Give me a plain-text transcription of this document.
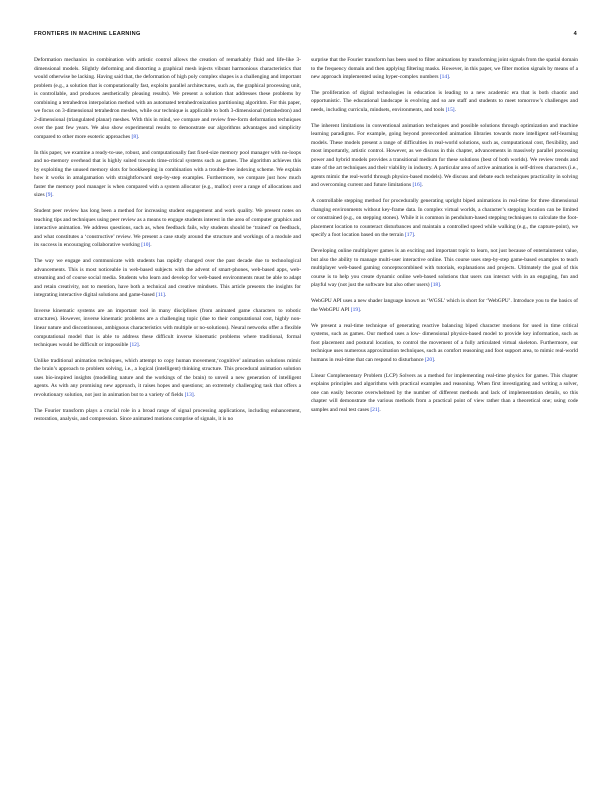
FRONTIERS IN MACHINE LEARNING	4

Deformation mechanics in combination with artistic control allows the creation of remarkably fluid and life-like 3-dimensional models. Slightly deforming and distorting a graphical mesh injects vibrant harmonious characteristics that would otherwise be lacking. Having said that, the deformation of high poly complex shapes is a challenging and important problem (e.g., a solution that is computationally fast, exploits parallel architectures, such as, the graphical processing unit, is controllable, and produces aesthetically pleasing results). We present a solution that addresses these problems by combining a tetrahedron interpolation method with an automated tetrahedronization partitioning algorithm. For this paper, we focus on 3-dimensional tetrahedron meshes, while our technique is applicable to both 3-dimensional (tetrahedron) and 2-dimensional (triangulated planar) meshes. With this in mind, we compare and review free-form deformation techniques over the past few years. We also show experimental results to demonstrate our algorithms advantages and simplicity compared to other more esoteric approaches [8].

In this paper, we examine a ready-to-use, robust, and computationally fast fixed-size memory pool manager with no-loops and no-memory overhead that is highly suited towards time-critical systems such as games. The algorithm achieves this by exploiting the unused memory slots for bookkeeping in combination with a trouble-free indexing scheme. We explain how it works in amalgamation with straightforward step-by-step examples. Furthermore, we compare just how much faster the memory pool manager is when compared with a system allocator (e.g., malloc) over a range of allocations and sizes [9].

Student peer review has long been a method for increasing student engagement and work quality. We present notes on teaching tips and techniques using peer review as a means to engage students interest in the area of computer graphics and interactive animation. We address questions, such as, when feedback fails, why students should be ‘trained’ on feedback, and what constitutes a ‘constructive’ review. We present a case study around the structure and workings of a module and its success in encouraging collaborative working [10].

The way we engage and communicate with students has rapidly changed over the past decade due to technological advancements. This is most noticeable in web-based subjects with the advent of smart-phones, web-based apps, web-streaming and of course social media. Students who learn and develop for web-based environments must be able to adapt and retain creativity, not to mention, have both a technical and creative mindsets. This article presents the insights for integrating interactive digital solutions and game-based [11].

Inverse kinematic systems are an important tool in many disciplines (from animated game characters to robotic structures). However, inverse kinematic problems are a challenging topic (due to their computational cost, highly non-linear nature and discontinuous, ambiguous characteristics with multiple or no-solutions). Neural networks offer a flexible computational model that is able to address these difficult inverse kinematic problems where traditional, formal techniques would be difficult or impossible [12].

Unlike traditional animation techniques, which attempt to copy human movement,‘cognitive’ animation solutions mimic the brain’s approach to problem solving, i.e., a logical (intelligent) thinking structure. This procedural animation solution uses bio-inspired insights (modelling nature and the workings of the brain) to unveil a new generation of intelligent agents. As with any promising new approach, it raises hopes and questions; an extremely challenging task that offers a revolutionary solution, not just in animation but to a variety of fields [13].

The Fourier transform plays a crucial role in a broad range of signal processing applications, including enhancement, restoration, analysis, and compression. Since animated motions comprise of signals, it is no

surprise that the Fourier transform has been used to filter animations by transforming joint signals from the spatial domain to the frequency domain and then applying filtering masks. However, in this paper, we filter motion signals by means of a new approach implemented using hyper-complex numbers [14].

The proliferation of digital technologies in education is leading to a new academic era that is both chaotic and opportunistic. The educational landscape is evolving and so are staff and students to meet tomorrow’s challenges and needs, including curricula, mindsets, environments, and tools [15].

The inherent limitations in conventional animation techniques and possible solutions through optimization and machine learning paradigms. For example, going beyond prerecorded animation libraries towards more intelligent self-learning models. These models present a range of difficulties in real-world solutions, such as, computational cost, flexibility, and most importantly, artistic control. However, as we discuss in this chapter, advancements in massively parallel processing power and hybrid models provides a transitional medium for these solutions (best of both worlds). We review trends and state of the art techniques and their viability in industry. A particular area of active animation is self-driven characters (i.e., agents mimic the real-world through physics-based models). We discuss and debate each techniques practicality in solving and overcoming current and future limitations [16].

A controllable stepping method for procedurally generating upright biped animations in real-time for three dimensional changing environments without key-frame data. In complex virtual worlds, a character’s stepping location can be limited or constrained (e.g., on stepping stones). While it is common in pendulum-based stepping techniques to calculate the foot-placement location to counteract disturbances and maintain a controlled speed while walking (e.g., the capture-point), we specify a foot location based on the terrain [17].

Developing online multiplayer games is an exciting and important topic to learn, not just because of entertainment value, but also the ability to manage multi-user interactive online. This course uses step-by-step game-based examples to teach multiplayer web-based gaming conceptscombined with tutorials, explanations and projects. Ultimately the goal of this course is to help you create dynamic online web-based solutions that users can interact with in an engaging, fun and playful way (not just the software but also other users) [18].

WebGPU API uses a new shader language known as ‘WGSL’ which is short for ‘WebGPU’. Introduce you to the basics of the WebGPU API [19].

We present a real-time technique of generating reactive balancing biped character motions for used in time critical systems, such as games. Our method uses a low- dimensional physics-based model to provide key information, such as foot placement and postural location, to control the movement of a fully articulated virtual skeleton. Furthermore, our technique uses numerous approximation techniques, such as comfort reasoning and foot support area, to mimic real-world humans in real-time that can respond to disturbance [20].

Linear Complementary Problem (LCP) Solvers as a method for implementing real-time physics for games. This chapter explains principles and algorithms with practical examples and reasoning. When first investigating and writing a solver, one can easily become overwhelmed by the number of different methods and lack of implementation details, so this chapter will demonstrate the various methods from a practical point of view rather than a theoretical one; using code samples and real test cases [21].
